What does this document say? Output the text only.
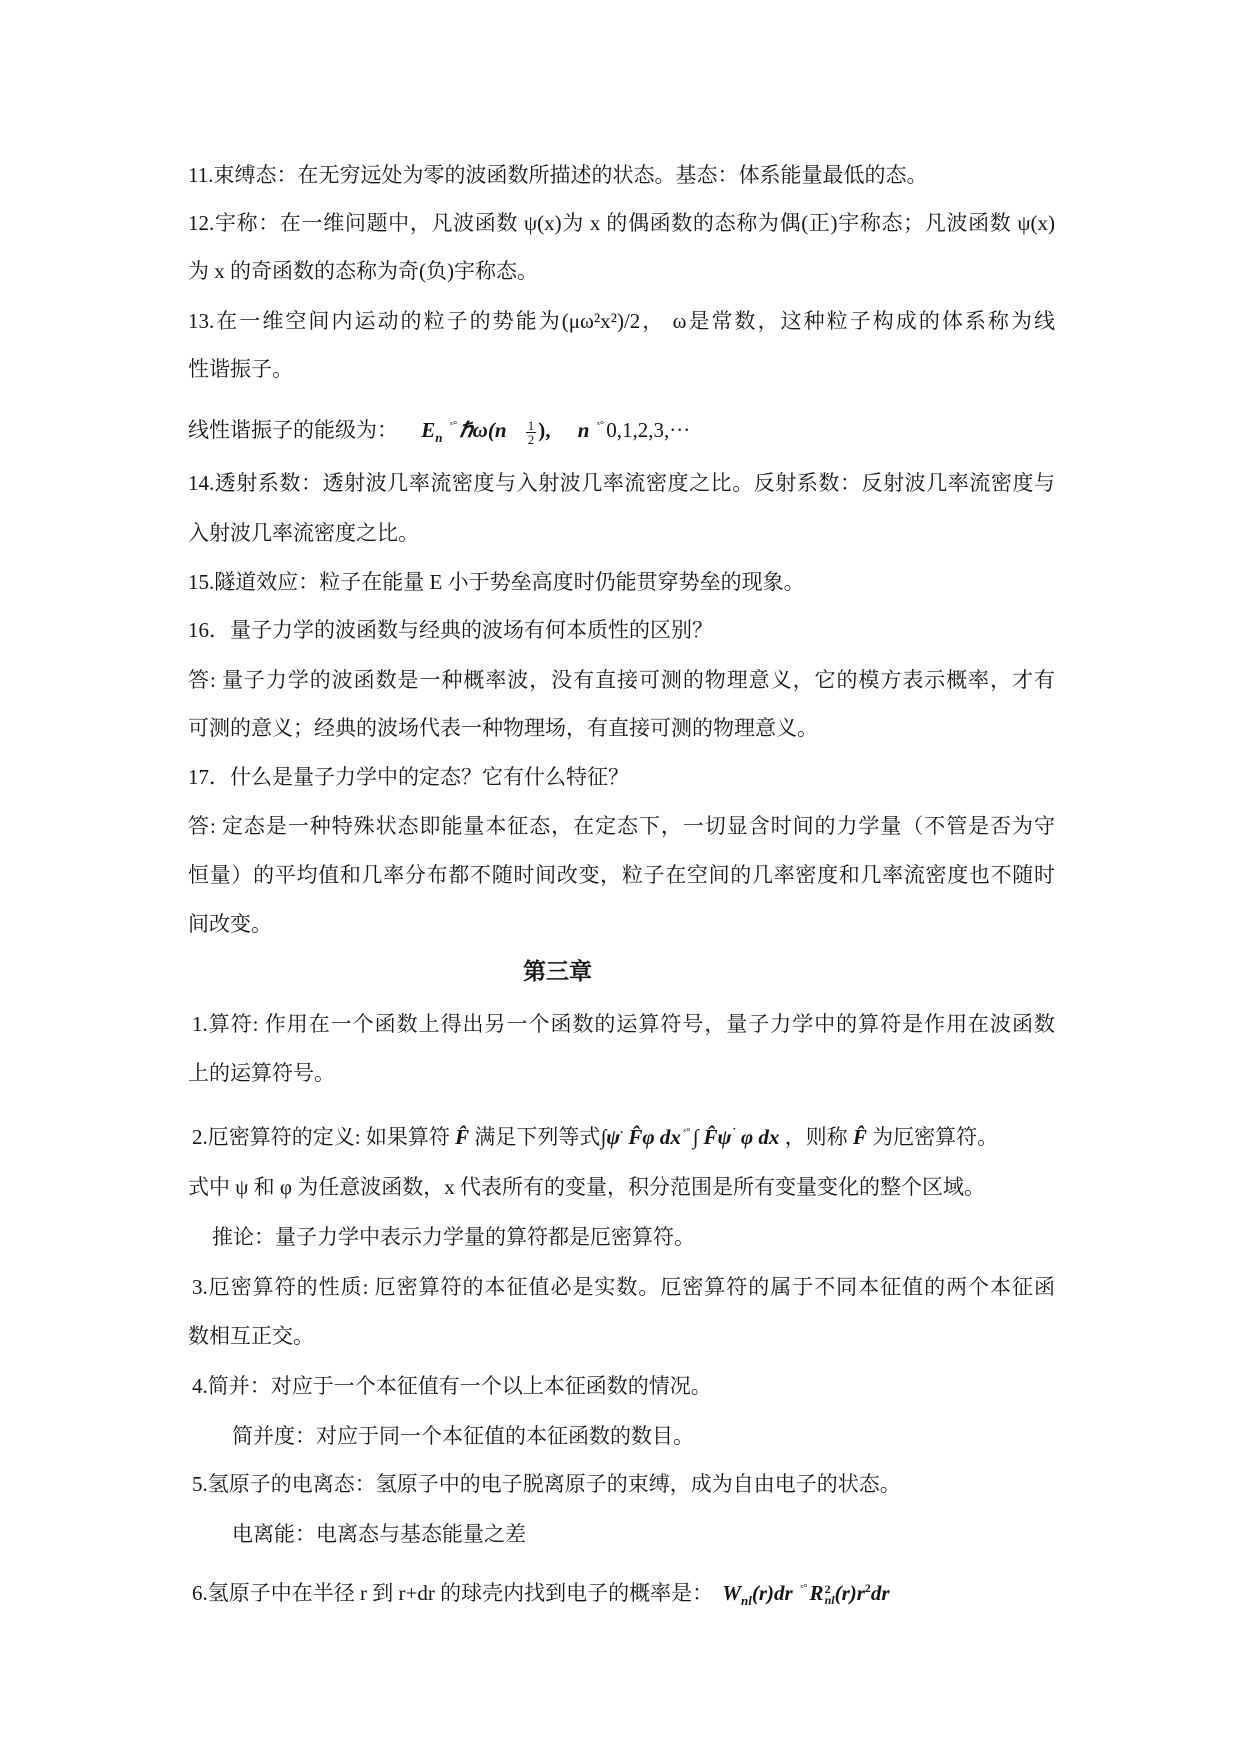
11.束缚态：在无穷远处为零的波函数所描述的状态。基态：体系能量最低的态。
12.宇称：在一维问题中，凡波函数 ψ(x)为 x 的偶函数的态称为偶(正)宇称态；凡波函数 ψ(x)
为 x 的奇函数的态称为奇(负)宇称态。
13.在一维空间内运动的粒子的势能为(μω²x²)/2， ω是常数，这种粒子构成的体系称为线
性谐振子。
线性谐振子的能级为： $E_n$ ˣ°ℏω(n $\frac{1}{2}$ ), n ˣ°0,1,2,3,···
14.透射系数：透射波几率流密度与入射波几率流密度之比。反射系数：反射波几率流密度与
入射波几率流密度之比。
15.隧道效应：粒子在能量 E 小于势垒高度时仍能贯穿势垒的现象。
16．量子力学的波函数与经典的波场有何本质性的区别？
答: 量子力学的波函数是一种概率波，没有直接可测的物理意义，它的模方表示概率，才有
可测的意义；经典的波场代表一种物理场，有直接可测的物理意义。
17．什么是量子力学中的定态？它有什么特征？
答: 定态是一种特殊状态即能量本征态，在定态下，一切显含时间的力学量（不管是否为守
恒量）的平均值和几率分布都不随时间改变，粒子在空间的几率密度和几率流密度也不随时
间改变。
第三章
1.算符: 作用在一个函数上得出另一个函数的运算符号，量子力学中的算符是作用在波函数
上的运算符号。
2.厄密算符的定义: 如果算符 F̂ 满足下列等式∫ψ· F̂φ dx ˣ°∫ F̂ψ˙ φ dx ，则称 F̂ 为厄密算符。
式中 ψ 和 φ 为任意波函数，x 代表所有的变量，积分范围是所有变量变化的整个区域。
推论：量子力学中表示力学量的算符都是厄密算符。
3.厄密算符的性质: 厄密算符的本征值必是实数。厄密算符的属于不同本征值的两个本征函
数相互正交。
4.简并：对应于一个本征值有一个以上本征函数的情况。
简并度：对应于同一个本征值的本征函数的数目。
5.氢原子的电离态：氢原子中的电子脱离原子的束缚，成为自由电子的状态。
电离能：电离态与基态能量之差
6.氢原子中在半径 r 到 r+dr 的球壳内找到电子的概率是： $W_{nl}(r)dr$ ˣ°R 2
nl $(r)r^2dr$
